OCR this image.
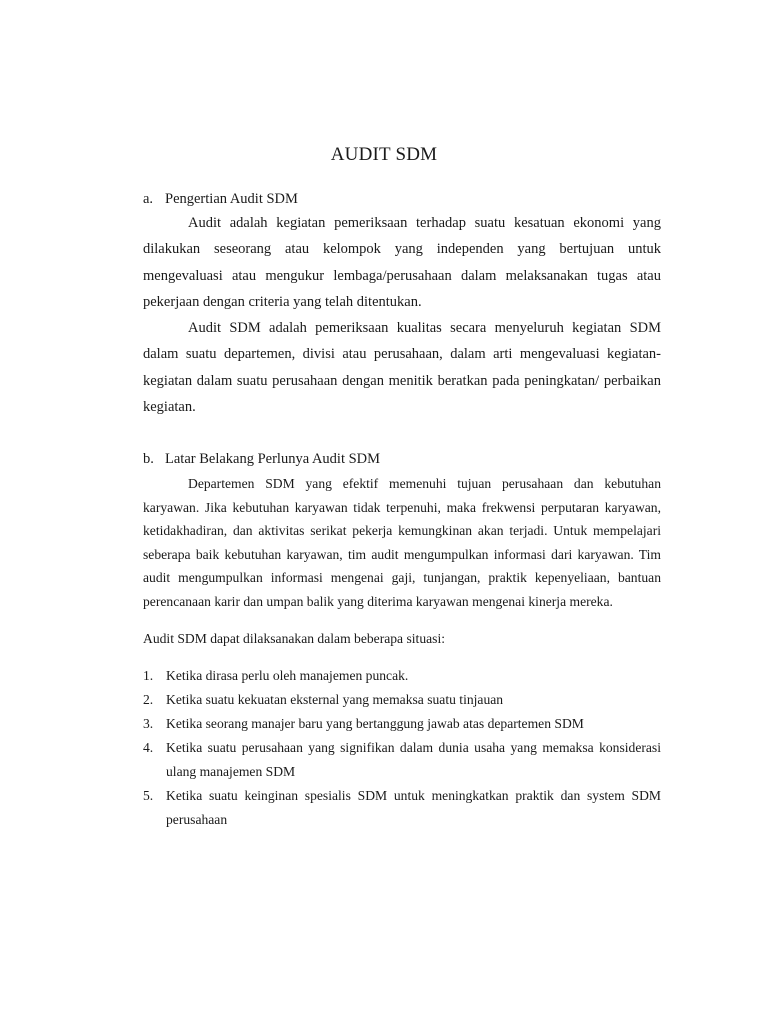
AUDIT SDM
a. Pengertian Audit SDM

Audit adalah kegiatan pemeriksaan terhadap suatu kesatuan ekonomi yang dilakukan seseorang atau kelompok yang independen yang bertujuan untuk mengevaluasi atau mengukur lembaga/perusahaan dalam melaksanakan tugas atau pekerjaan dengan criteria yang telah ditentukan.

Audit SDM adalah pemeriksaan kualitas secara menyeluruh kegiatan SDM dalam suatu departemen, divisi atau perusahaan, dalam arti mengevaluasi kegiatan-kegiatan dalam suatu perusahaan dengan menitik beratkan pada peningkatan/ perbaikan kegiatan.

b. Latar Belakang Perlunya Audit SDM

Departemen SDM yang efektif memenuhi tujuan perusahaan dan kebutuhan karyawan. Jika kebutuhan karyawan tidak terpenuhi, maka frekwensi perputaran karyawan, ketidakhadiran, dan aktivitas serikat pekerja kemungkinan akan terjadi. Untuk mempelajari seberapa baik kebutuhan karyawan, tim audit mengumpulkan informasi dari karyawan. Tim audit mengumpulkan informasi mengenai gaji, tunjangan, praktik kepenyeliaan, bantuan perencanaan karir dan umpan balik yang diterima karyawan mengenai kinerja mereka.

Audit SDM dapat dilaksanakan dalam beberapa situasi:

1. Ketika dirasa perlu oleh manajemen puncak.
2. Ketika suatu kekuatan eksternal yang memaksa suatu tinjauan
3. Ketika seorang manajer baru yang bertanggung jawab atas departemen SDM
4. Ketika suatu perusahaan yang signifikan dalam dunia usaha yang memaksa konsiderasi ulang manajemen SDM
5. Ketika suatu keinginan spesialis SDM untuk meningkatkan praktik dan system SDM perusahaan
